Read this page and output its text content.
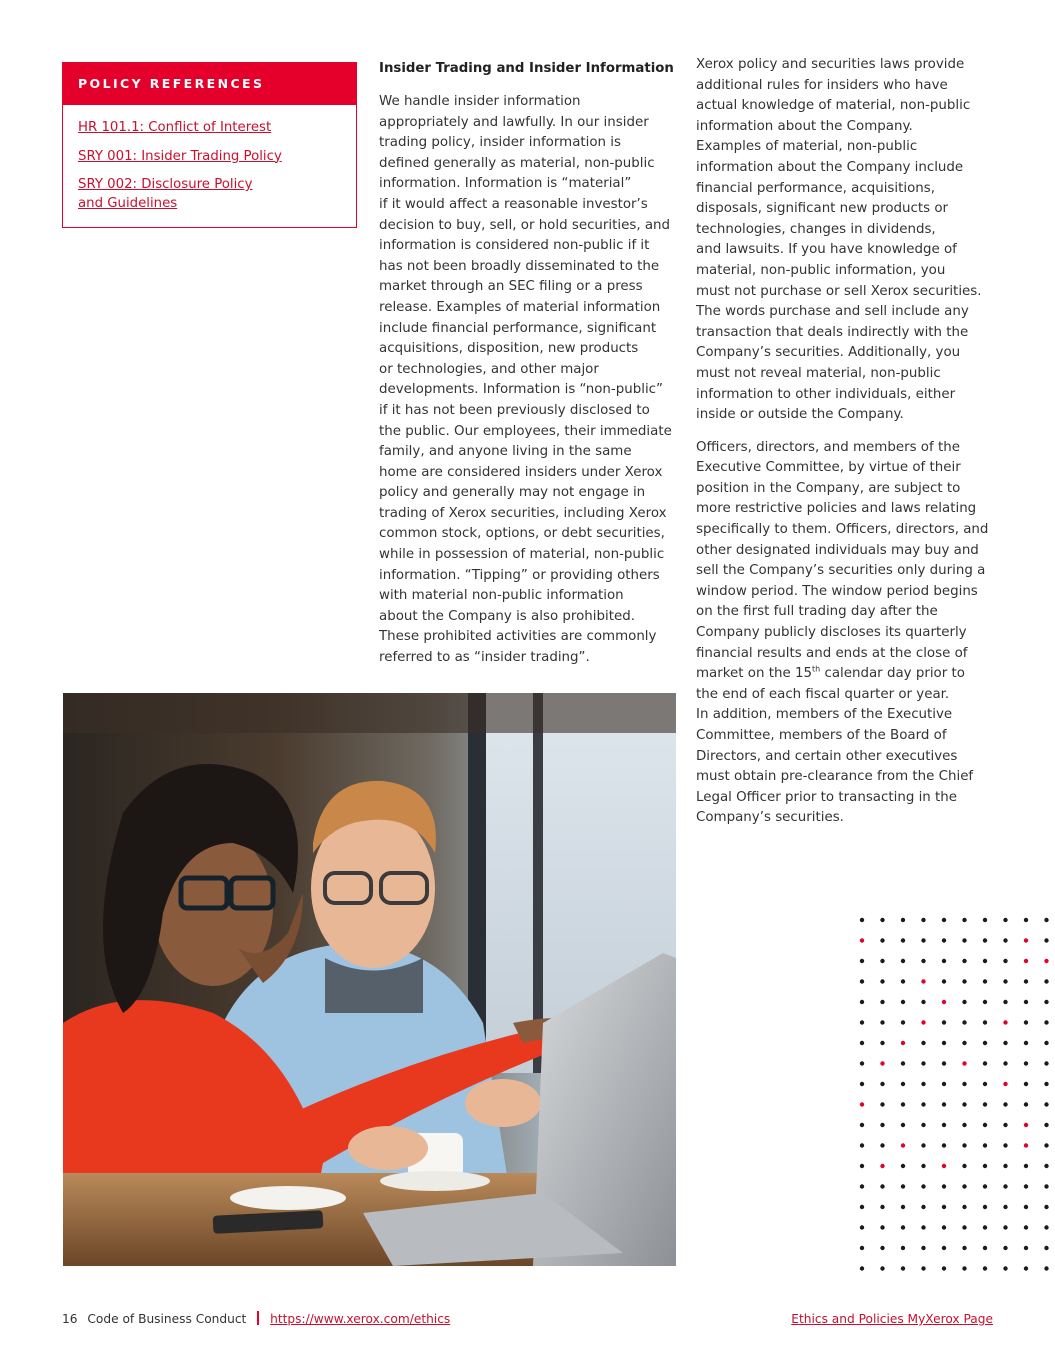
POLICY REFERENCES
HR 101.1: Conflict of Interest
SRY 001: Insider Trading Policy
SRY 002: Disclosure Policy
and Guidelines
Insider Trading and Insider Information

We handle insider information
appropriately and lawfully. In our insider
trading policy, insider information is
defined generally as material, non-public
information. Information is “material”
if it would affect a reasonable investor’s
decision to buy, sell, or hold securities, and
information is considered non-public if it
has not been broadly disseminated to the
market through an SEC filing or a press
release. Examples of material information
include financial performance, significant
acquisitions, disposition, new products
or technologies, and other major
developments. Information is “non-public”
if it has not been previously disclosed to
the public. Our employees, their immediate
family, and anyone living in the same
home are considered insiders under Xerox
policy and generally may not engage in
trading of Xerox securities, including Xerox
common stock, options, or debt securities,
while in possession of material, non-public
information. “Tipping” or providing others
with material non-public information
about the Company is also prohibited.
These prohibited activities are commonly
referred to as “insider trading”.

Xerox policy and securities laws provide
additional rules for insiders who have
actual knowledge of material, non-public
information about the Company.
Examples of material, non-public
information about the Company include
financial performance, acquisitions,
disposals, significant new products or
technologies, changes in dividends,
and lawsuits. If you have knowledge of
material, non-public information, you
must not purchase or sell Xerox securities.
The words purchase and sell include any
transaction that deals indirectly with the
Company’s securities. Additionally, you
must not reveal material, non-public
information to other individuals, either
inside or outside the Company.

Officers, directors, and members of the
Executive Committee, by virtue of their
position in the Company, are subject to
more restrictive policies and laws relating
specifically to them. Officers, directors, and
other designated individuals may buy and
sell the Company’s securities only during a
window period. The window period begins
on the first full trading day after the
Company publicly discloses its quarterly
financial results and ends at the close of
market on the 15th calendar day prior to
the end of each fiscal quarter or year.
In addition, members of the Executive
Committee, members of the Board of
Directors, and certain other executives
must obtain pre-clearance from the Chief
Legal Officer prior to transacting in the
Company’s securities.

16 Code of Business Conduct https://www.xerox.com/ethics	Ethics and Policies MyXerox Page
